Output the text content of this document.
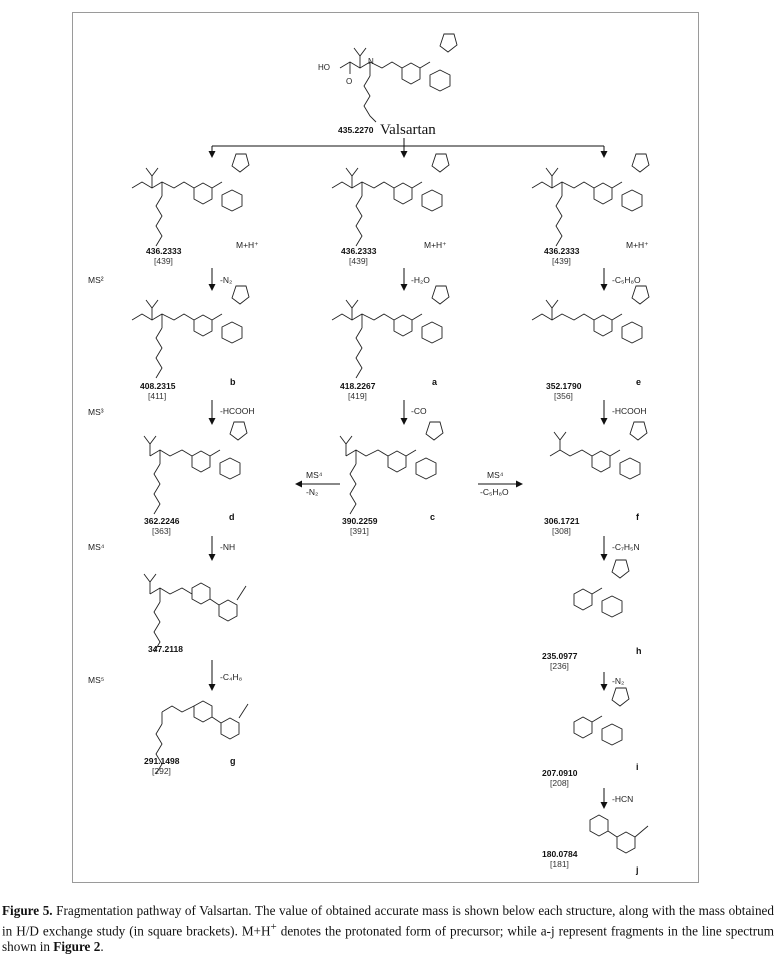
HO
O
N
435.2270 Valsartan
436.2333
[439]
M+H⁺
436.2333
[439]
M+H⁺
436.2333
[439]
M+H⁺
MS²
MS³
MS⁴
MS⁵
-N₂	-H₂O	-C₅H₈O
408.2315
[411]
b	418.2267
[419]
a	352.1790
[356]
e
-HCOOH	-CO	-HCOOH
362.2246
[363]
d	390.2259
[391]
c	306.1721
[308]
f
MS⁴
-N₂
MS⁴
-C₅H₈O
-NH	-C₇H₅N
347.2118
235.0977
[236]
h
-C₄H₈	-N₂
291.1498
[292]
g
207.0910
[208]
i
-HCN
180.0784
[181]
j
Figure 5. Fragmentation pathway of Valsartan. The value of obtained accurate mass is shown below each structure, along with the mass obtained in H/D exchange study (in square brackets). M+H+ denotes the protonated form of precursor; while a-j represent fragments in the line spectrum shown in Figure 2.
